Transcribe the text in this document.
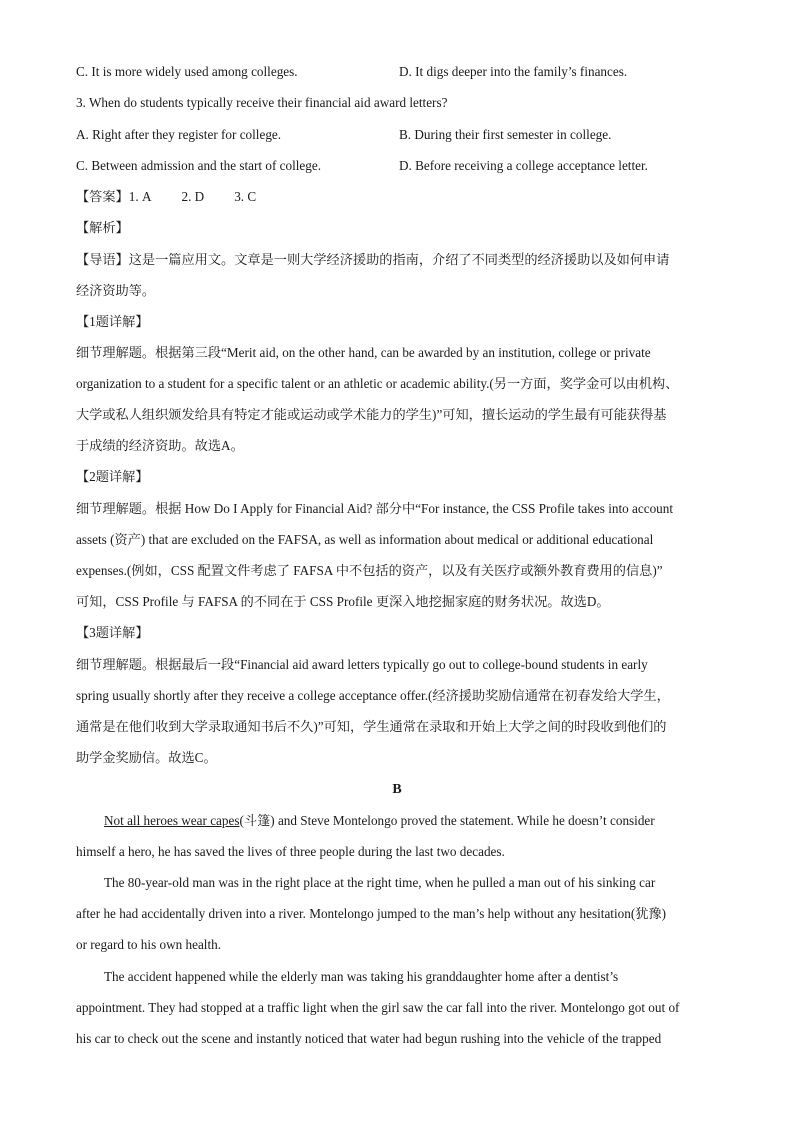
C. It is more widely used among colleges.	D. It digs deeper into the family’s finances.
3. When do students typically receive their financial aid award letters?
A. Right after they register for college.	B. During their first semester in college.
C. Between admission and the start of college.	D. Before receiving a college acceptance letter.
【答案】1. A 2. D 3. C
【解析】
【导语】这是一篇应用文。文章是一则大学经济援助的指南，介绍了不同类型的经济援助以及如何申请
经济资助等。
【1题详解】
细节理解题。根据第三段“Merit aid, on the other hand, can be awarded by an institution, college or private
organization to a student for a specific talent or an athletic or academic ability.(另一方面，奖学金可以由机构、
大学或私人组织颁发给具有特定才能或运动或学术能力的学生)”可知，擅长运动的学生最有可能获得基
于成绩的经济资助。故选A。
【2题详解】
细节理解题。根据 How Do I Apply for Financial Aid? 部分中“For instance, the CSS Profile takes into account
assets (资产) that are excluded on the FAFSA, as well as information about medical or additional educational
expenses.(例如，CSS 配置文件考虑了 FAFSA 中不包括的资产，以及有关医疗或额外教育费用的信息)”
可知，CSS Profile 与 FAFSA 的不同在于 CSS Profile 更深入地挖掘家庭的财务状况。故选D。
【3题详解】
细节理解题。根据最后一段“Financial aid award letters typically go out to college-bound students in early
spring usually shortly after they receive a college acceptance offer.(经济援助奖励信通常在初春发给大学生，
通常是在他们收到大学录取通知书后不久)”可知，学生通常在录取和开始上大学之间的时段收到他们的
助学金奖励信。故选C。
B
Not all heroes wear capes(斗篷) and Steve Montelongo proved the statement. While he doesn’t consider
himself a hero, he has saved the lives of three people during the last two decades.
The 80-year-old man was in the right place at the right time, when he pulled a man out of his sinking car
after he had accidentally driven into a river. Montelongo jumped to the man’s help without any hesitation(犹豫)
or regard to his own health.
The accident happened while the elderly man was taking his granddaughter home after a dentist’s
appointment. They had stopped at a traffic light when the girl saw the car fall into the river. Montelongo got out of
his car to check out the scene and instantly noticed that water had begun rushing into the vehicle of the trapped
